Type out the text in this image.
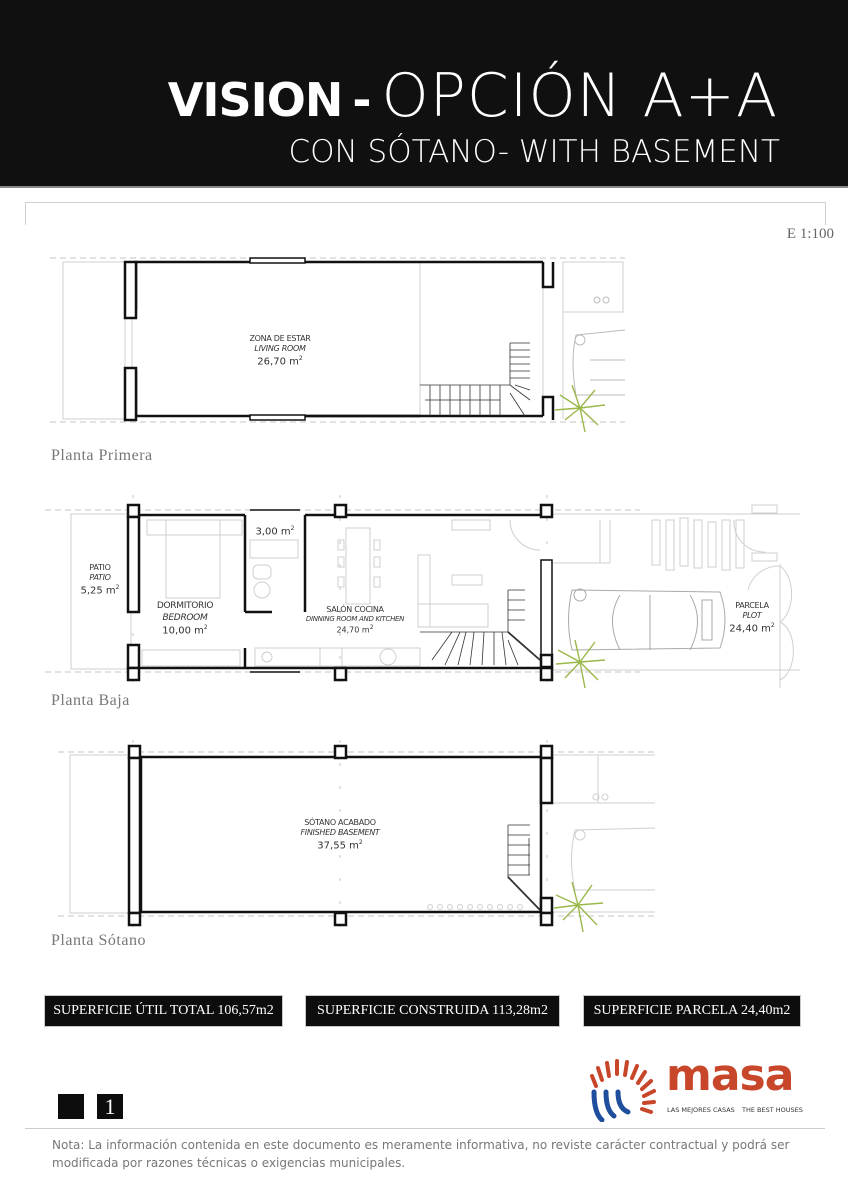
VISION - OPCIÓN A+A
CON SÓTANO- WITH BASEMENT
E 1:100
ZONA DE ESTAR
LIVING ROOM
26,70 $m^2$
Planta Primera
PATIO
PATIO
5,25 $m^2$
DORMITORIO
BEDROOM
10,00 $m^2$
3,00 $m^2$
SALÓN COCINA
DINNING ROOM AND KITCHEN
24,70 $m^2$
PARCELA
PLOT
24,40 $m^2$
Planta Baja
SÓTANO ACABADO
FINISHED BASEMENT
37,55 $m^2$
Planta Sótano
SUPERFICIE ÚTIL TOTAL 106,57m2	SUPERFICIE CONSTRUIDA 113,28m2	SUPERFICIE PARCELA 24,40m2
1
masa
LAS MEJORES CASAS THE BEST HOUSES
Nota: La información contenida en este documento es meramente informativa, no reviste carácter contractual y podrá ser modificada por razones técnicas o exigencias municipales.
